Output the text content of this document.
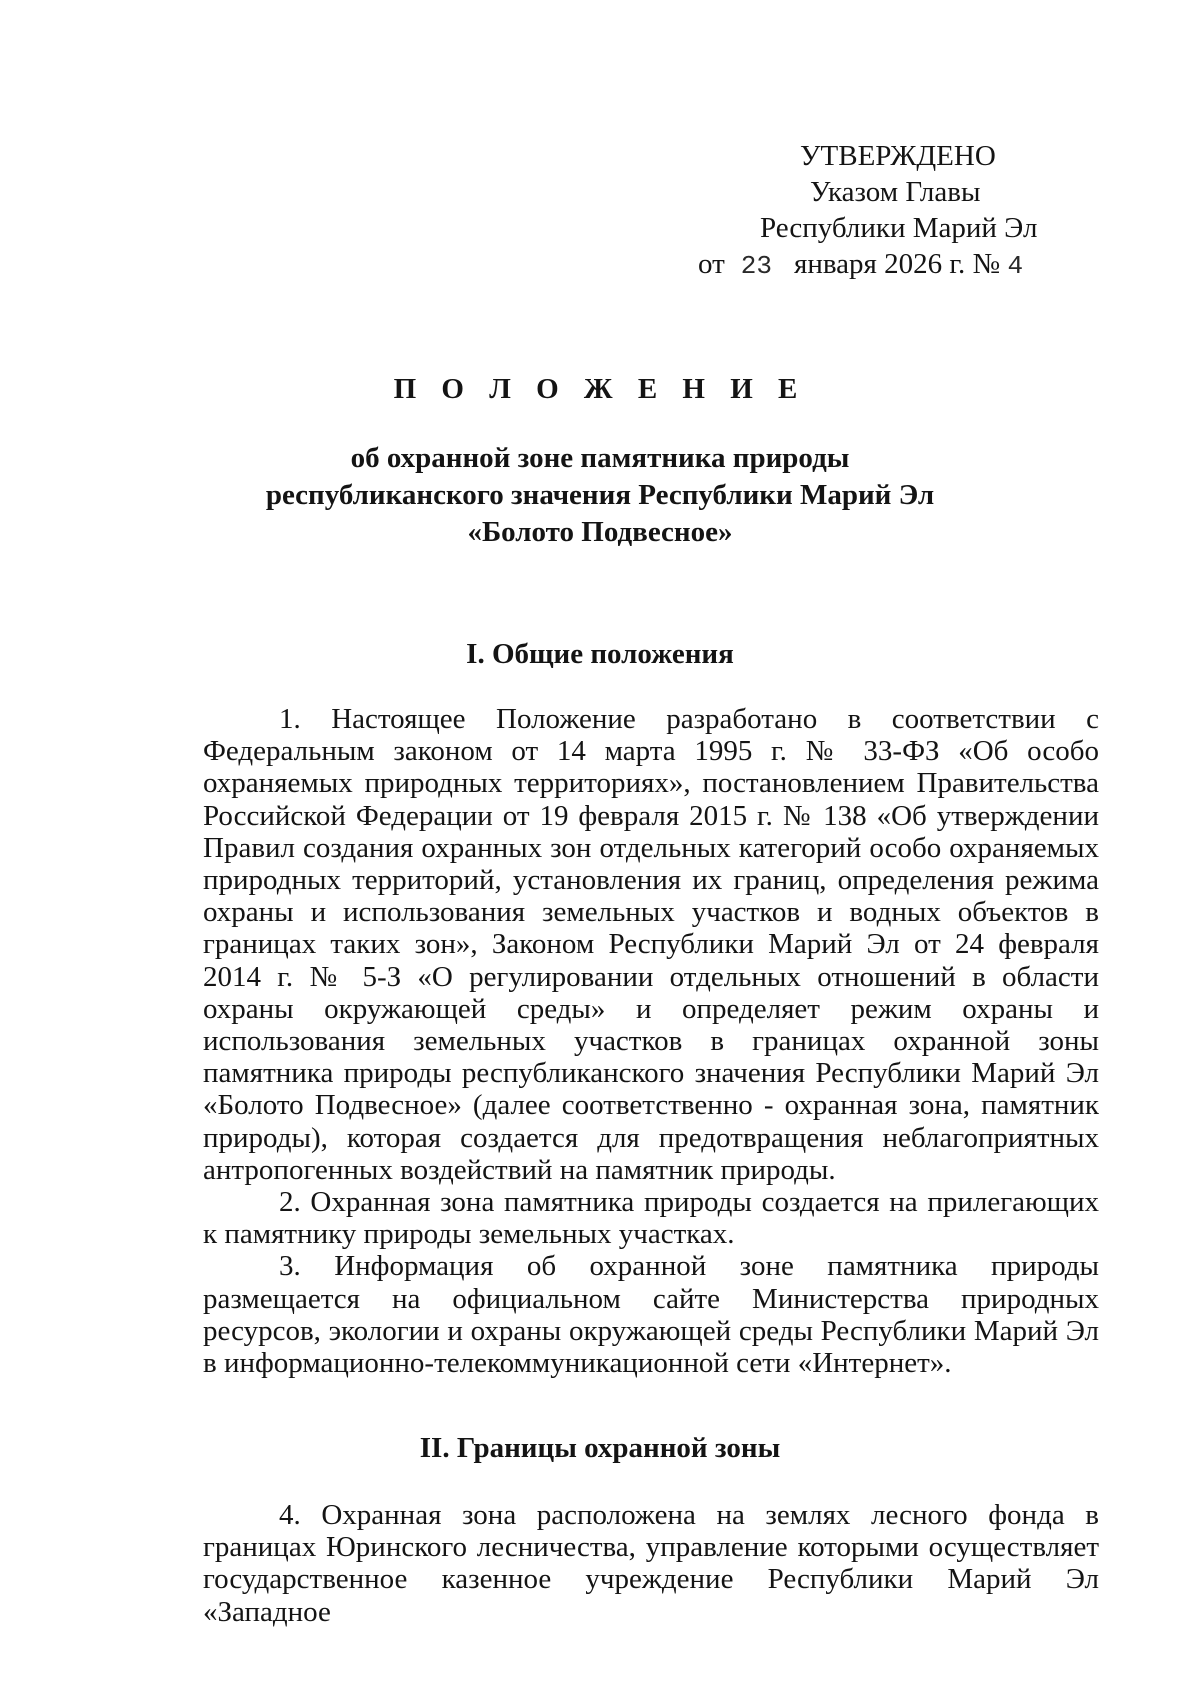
УТВЕРЖДЕНО
Указом Главы
Республики Марий Эл
от 23 января 2026 г. № 4
П О Л О Ж Е Н И Е
об охранной зоне памятника природы
республиканского значения Республики Марий Эл
«Болото Подвесное»
I. Общие положения

1. Настоящее Положение разработано в соответствии с Федеральным законом от 14 марта 1995 г. № 33-ФЗ «Об особо охраняемых природных территориях», постановлением Правительства Российской Федерации от 19 февраля 2015 г. № 138 «Об утверждении Правил создания охранных зон отдельных категорий особо охраняемых природных территорий, установления их границ, определения режима охраны и использования земельных участков и водных объектов в границах таких зон», Законом Республики Марий Эл от 24 февраля 2014 г. № 5-З «О регулировании отдельных отношений в области охраны окружающей среды» и определяет режим охраны и использования земельных участков в границах охранной зоны памятника природы республиканского значения Республики Марий Эл «Болото Подвесное» (далее соответственно - охранная зона, памятник природы), которая создается для предотвращения неблагоприятных антропогенных воздействий на памятник природы.

2. Охранная зона памятника природы создается на прилегающих к памятнику природы земельных участках.

3. Информация об охранной зоне памятника природы размещается на официальном сайте Министерства природных ресурсов, экологии и охраны окружающей среды Республики Марий Эл в информационно-телекоммуникационной сети «Интернет».

II. Границы охранной зоны

4. Охранная зона расположена на землях лесного фонда в границах Юринского лесничества, управление которыми осуществляет государственное казенное учреждение Республики Марий Эл «Западное
